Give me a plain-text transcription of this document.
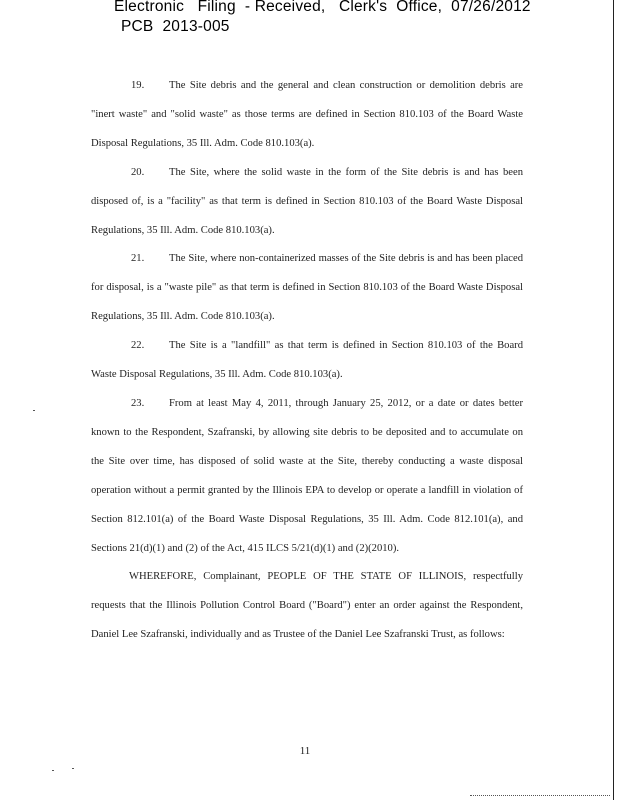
Electronic   Filing  - Received,   Clerk's  Office,  07/26/2012
PCB  2013-005

19. The Site debris and the general and clean construction or demolition debris are "inert waste" and "solid waste" as those terms are defined in Section 810.103 of the Board Waste Disposal Regulations, 35 Ill. Adm. Code 810.103(a).

20. The Site, where the solid waste in the form of the Site debris is and has been disposed of, is a "facility" as that term is defined in Section 810.103 of the Board Waste Disposal Regulations, 35 Ill. Adm. Code 810.103(a).

21. The Site, where non-containerized masses of the Site debris is and has been placed for disposal, is a "waste pile" as that term is defined in Section 810.103 of the Board Waste Disposal Regulations, 35 Ill. Adm. Code 810.103(a).

22. The Site is a "landfill" as that term is defined in Section 810.103 of the Board Waste Disposal Regulations, 35 Ill. Adm. Code 810.103(a).

23. From at least May 4, 2011, through January 25, 2012, or a date or dates better known to the Respondent, Szafranski, by allowing site debris to be deposited and to accumulate on the Site over time, has disposed of solid waste at the Site, thereby conducting a waste disposal operation without a permit granted by the Illinois EPA to develop or operate a landfill in violation of Section 812.101(a) of the Board Waste Disposal Regulations, 35 Ill. Adm. Code 812.101(a), and Sections 21(d)(1) and (2) of the Act, 415 ILCS 5/21(d)(1) and (2)(2010).

WHEREFORE, Complainant, PEOPLE OF THE STATE OF ILLINOIS, respectfully requests that the Illinois Pollution Control Board ("Board") enter an order against the Respondent, Daniel Lee Szafranski, individually and as Trustee of the Daniel Lee Szafranski Trust, as follows:

11
